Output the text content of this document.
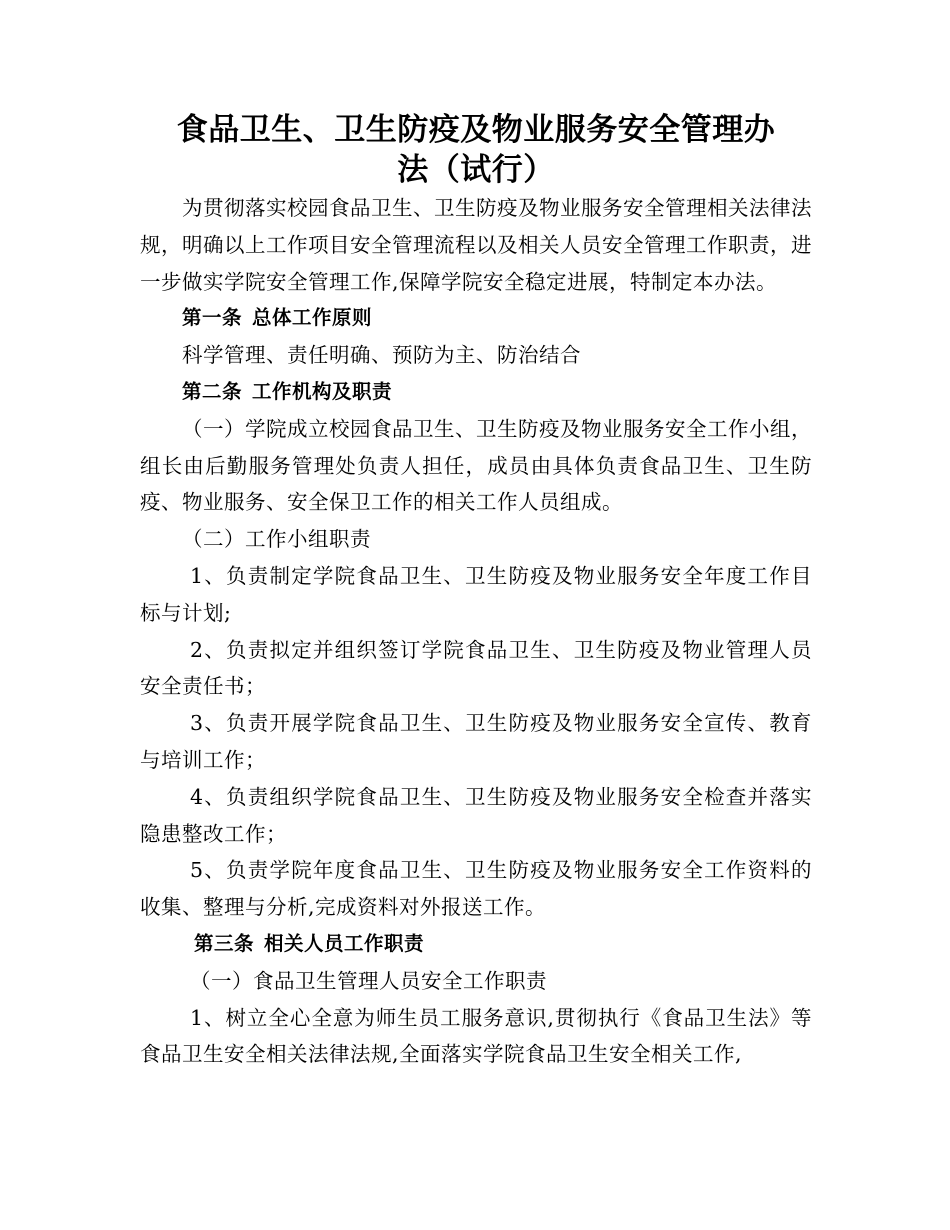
食品卫生、卫生防疫及物业服务安全管理办
法（试行）

为贯彻落实校园食品卫生、卫生防疫及物业服务安全管理相关法律法规，明确以上工作项目安全管理流程以及相关人员安全管理工作职责，进一步做实学院安全管理工作,保障学院安全稳定进展，特制定本办法。

第一条 总体工作原则

科学管理、责任明确、预防为主、防治结合

第二条 工作机构及职责

（一）学院成立校园食品卫生、卫生防疫及物业服务安全工作小组，组长由后勤服务管理处负责人担任，成员由具体负责食品卫生、卫生防疫、物业服务、安全保卫工作的相关工作人员组成。

（二）工作小组职责

1、负责制定学院食品卫生、卫生防疫及物业服务安全年度工作目标与计划;

2、负责拟定并组织签订学院食品卫生、卫生防疫及物业管理人员安全责任书；

3、负责开展学院食品卫生、卫生防疫及物业服务安全宣传、教育与培训工作；

4、负责组织学院食品卫生、卫生防疫及物业服务安全检查并落实隐患整改工作；

5、负责学院年度食品卫生、卫生防疫及物业服务安全工作资料的收集、整理与分析,完成资料对外报送工作。

第三条 相关人员工作职责

（一）食品卫生管理人员安全工作职责

1、树立全心全意为师生员工服务意识,贯彻执行《食品卫生法》等食品卫生安全相关法律法规,全面落实学院食品卫生安全相关工作,
